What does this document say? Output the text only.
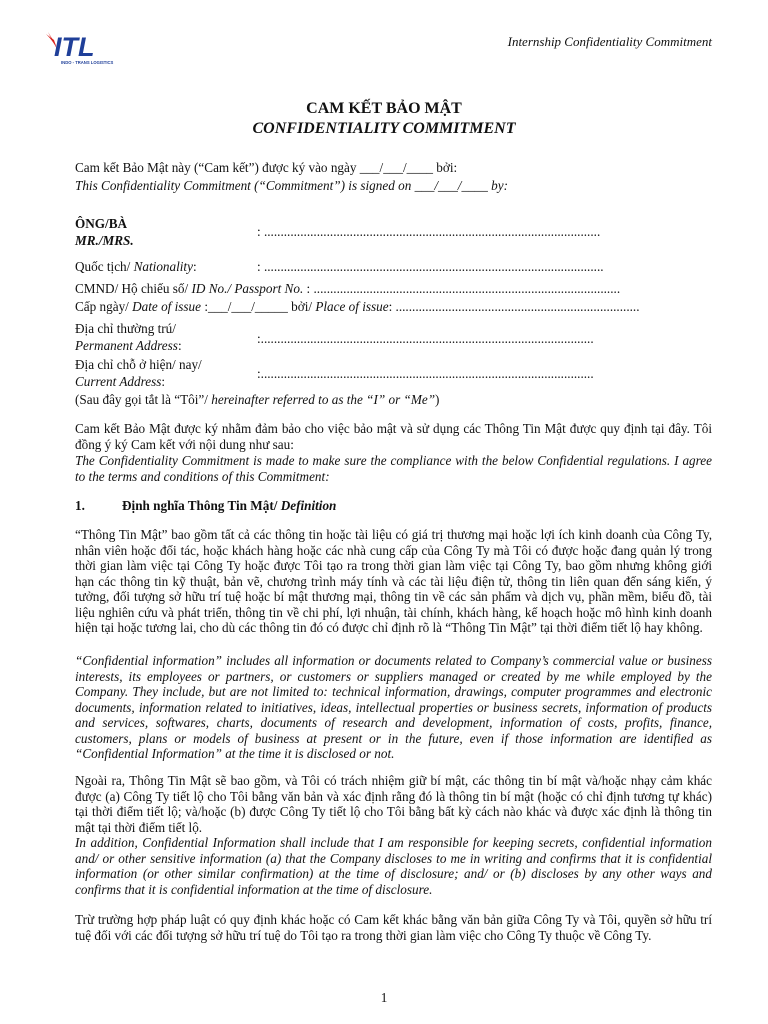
ITL
INDO - TRANS LOGISTICS
Internship Confidentiality Commitment
CAM KẾT BẢO MẬT
CONFIDENTIALITY COMMITMENT
Cam kết Bảo Mật này (“Cam kết”) được ký vào ngày ___/___/____ bởi:
This Confidentiality Commitment (“Commitment”) is signed on ___/___/____ by:
ÔNG/BÀ
MR./MRS.
: ......................................................................................................
Quốc tịch/ Nationality:	: .......................................................................................................
CMND/ Hộ chiếu số/ ID No./ Passport No. : .............................................................................................
Cấp ngày/ Date of issue :___/___/_____ bởi/ Place of issue: ..........................................................................
Địa chỉ thường trú/
Permanent Address:	:.....................................................................................................
Địa chỉ chỗ ở hiện/ nay/
Current Address:
:.....................................................................................................
(Sau đây gọi tắt là “Tôi”/ hereinafter referred to as the “I” or “Me”)
Cam kết Bảo Mật được ký nhằm đảm bảo cho việc bảo mật và sử dụng các Thông Tin Mật được quy định tại đây. Tôi đồng ý ký Cam kết với nội dung như sau:
The Confidentiality Commitment is made to make sure the compliance with the below Confidential regulations. I agree to the terms and conditions of this Commitment:
1.	Định nghĩa Thông Tin Mật/ Definition
“Thông Tin Mật” bao gồm tất cả các thông tin hoặc tài liệu có giá trị thương mại hoặc lợi ích kinh doanh của Công Ty, nhân viên hoặc đối tác, hoặc khách hàng hoặc các nhà cung cấp của Công Ty mà Tôi có được hoặc đang quản lý trong thời gian làm việc tại Công Ty hoặc được Tôi tạo ra trong thời gian làm việc tại Công Ty, bao gồm nhưng không giới hạn các thông tin kỹ thuật, bản vẽ, chương trình máy tính và các tài liệu điện tử, thông tin liên quan đến sáng kiến, ý tưởng, đối tượng sở hữu trí tuệ hoặc bí mật thương mại, thông tin về các sản phẩm và dịch vụ, phần mềm, biểu đồ, tài liệu nghiên cứu và phát triển, thông tin về chi phí, lợi nhuận, tài chính, khách hàng, kế hoạch hoặc mô hình kinh doanh hiện tại hoặc tương lai, cho dù các thông tin đó có được chỉ định rõ là “Thông Tin Mật” tại thời điểm tiết lộ hay không.
“Confidential information” includes all information or documents related to Company’s commercial value or business interests, its employees or partners, or customers or suppliers managed or created by me while employed by the Company. They include, but are not limited to: technical information, drawings, computer programmes and electronic documents, information related to initiatives, ideas, intellectual properties or business secrets, information of products and services, softwares, charts, documents of research and development, information of costs, profits, finance, customers, plans or models of business at present or in the future, even if those information are identified as “Confidential Information” at the time it is disclosed or not.
Ngoài ra, Thông Tin Mật sẽ bao gồm, và Tôi có trách nhiệm giữ bí mật, các thông tin bí mật và/hoặc nhạy cảm khác được (a) Công Ty tiết lộ cho Tôi bằng văn bản và xác định rằng đó là thông tin bí mật (hoặc có chỉ định tương tự khác) tại thời điểm tiết lộ; và/hoặc (b) được Công Ty tiết lộ cho Tôi bằng bất kỳ cách nào khác và được xác định là thông tin mật tại thời điểm tiết lộ.
In addition, Confidential Information shall include that I am responsible for keeping secrets, confidential information and/ or other sensitive information (a) that the Company discloses to me in writing and confirms that it is confidential information (or other similar confirmation) at the time of disclosure; and/ or (b) discloses by any other ways and confirms that it is confidential information at the time of disclosure.
Trừ trường hợp pháp luật có quy định khác hoặc có Cam kết khác bằng văn bản giữa Công Ty và Tôi, quyền sở hữu trí tuệ đối với các đối tượng sở hữu trí tuệ do Tôi tạo ra trong thời gian làm việc cho Công Ty thuộc về Công Ty.
1
